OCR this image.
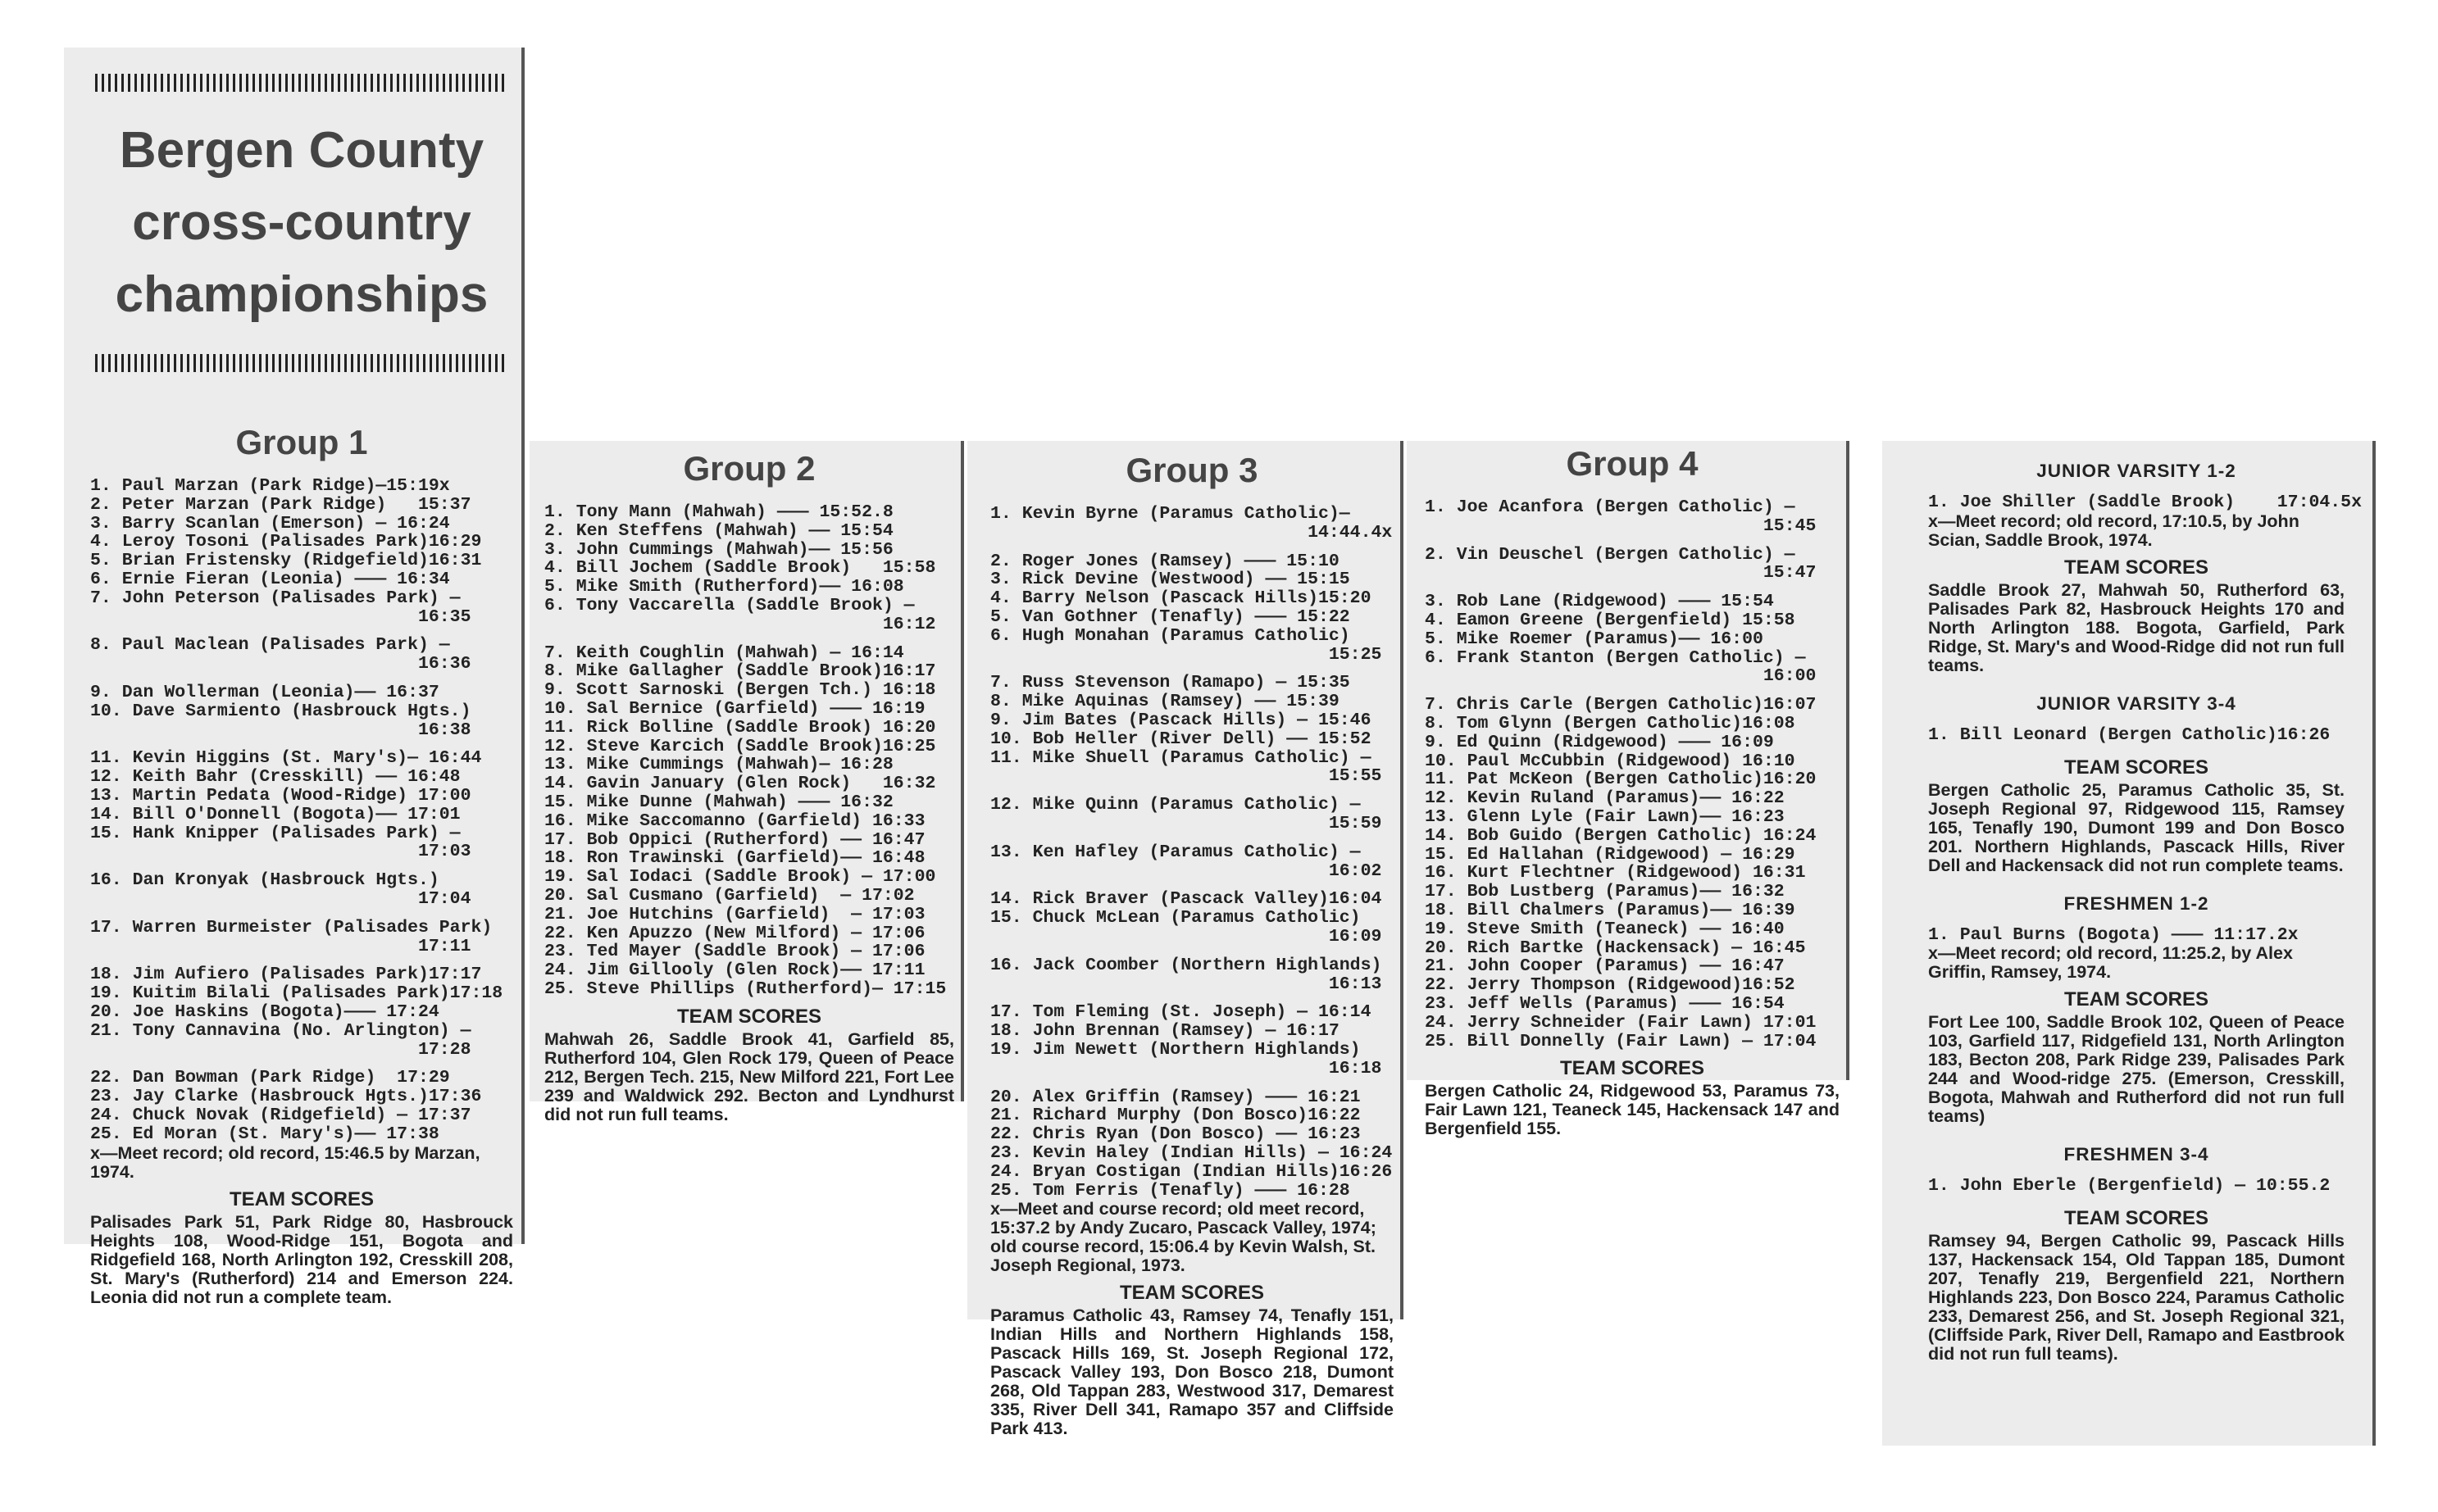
Bergen County
cross-country
championships
Group 1
1. Paul Marzan (Park Ridge)—15:19x
2. Peter Marzan (Park Ridge)   15:37
3. Barry Scanlan (Emerson) — 16:24
4. Leroy Tosoni (Palisades Park)16:29
5. Brian Fristensky (Ridgefield)16:31
6. Ernie Fieran (Leonia) ——— 16:34
7. John Peterson (Palisades Park) —
16:35
8. Paul Maclean (Palisades Park) —
16:36
9. Dan Wollerman (Leonia)—— 16:37
10. Dave Sarmiento (Hasbrouck Hgts.)
16:38
11. Kevin Higgins (St. Mary's)— 16:44
12. Keith Bahr (Cresskill) —— 16:48
13. Martin Pedata (Wood-Ridge) 17:00
14. Bill O'Donnell (Bogota)—— 17:01
15. Hank Knipper (Palisades Park) —
17:03
16. Dan Kronyak (Hasbrouck Hgts.)
17:04
17. Warren Burmeister (Palisades Park)
17:11
18. Jim Aufiero (Palisades Park)17:17
19. Kuitim Bilali (Palisades Park)17:18
20. Joe Haskins (Bogota)——— 17:24
21. Tony Cannavina (No. Arlington) —
17:28
22. Dan Bowman (Park Ridge)  17:29
23. Jay Clarke (Hasbrouck Hgts.)17:36
24. Chuck Novak (Ridgefield) — 17:37
25. Ed Moran (St. Mary's)—— 17:38

x—Meet record; old record, 15:46.5 by Marzan, 1974.

TEAM SCORES

Palisades Park 51, Park Ridge 80, Hasbrouck Heights 108, Wood-Ridge 151, Bogota and Ridgefield 168, North Arlington 192, Cresskill 208, St. Mary's (Rutherford) 214 and Emerson 224. Leonia did not run a complete team.

Group 2
1. Tony Mann (Mahwah) ——— 15:52.8
2. Ken Steffens (Mahwah) —— 15:54
3. John Cummings (Mahwah)—— 15:56
4. Bill Jochem (Saddle Brook)   15:58
5. Mike Smith (Rutherford)—— 16:08
6. Tony Vaccarella (Saddle Brook) —
16:12
7. Keith Coughlin (Mahwah) — 16:14
8. Mike Gallagher (Saddle Brook)16:17
9. Scott Sarnoski (Bergen Tch.) 16:18
10. Sal Bernice (Garfield) ——— 16:19
11. Rick Bolline (Saddle Brook) 16:20
12. Steve Karcich (Saddle Brook)16:25
13. Mike Cummings (Mahwah)— 16:28
14. Gavin January (Glen Rock)   16:32
15. Mike Dunne (Mahwah) ——— 16:32
16. Mike Saccomanno (Garfield) 16:33
17. Bob Oppici (Rutherford) —— 16:47
18. Ron Trawinski (Garfield)—— 16:48
19. Sal Iodaci (Saddle Brook) — 17:00
20. Sal Cusmano (Garfield)  — 17:02
21. Joe Hutchins (Garfield)  — 17:03
22. Ken Apuzzo (New Milford) — 17:06
23. Ted Mayer (Saddle Brook) — 17:06
24. Jim Gillooly (Glen Rock)—— 17:11
25. Steve Phillips (Rutherford)— 17:15
TEAM SCORES

Mahwah 26, Saddle Brook 41, Garfield 85, Rutherford 104, Glen Rock 179, Queen of Peace 212, Bergen Tech. 215, New Milford 221, Fort Lee 239 and Waldwick 292. Becton and Lyndhurst did not run full teams.

Group 3
1. Kevin Byrne (Paramus Catholic)—
14:44.4x
2. Roger Jones (Ramsey) ——— 15:10
3. Rick Devine (Westwood) —— 15:15
4. Barry Nelson (Pascack Hills)15:20
5. Van Gothner (Tenafly) ——— 15:22
6. Hugh Monahan (Paramus Catholic)
15:25
7. Russ Stevenson (Ramapo) — 15:35
8. Mike Aquinas (Ramsey) —— 15:39
9. Jim Bates (Pascack Hills) — 15:46
10. Bob Heller (River Dell) —— 15:52
11. Mike Shuell (Paramus Catholic) —
15:55
12. Mike Quinn (Paramus Catholic) —
15:59
13. Ken Hafley (Paramus Catholic) —
16:02
14. Rick Braver (Pascack Valley)16:04
15. Chuck McLean (Paramus Catholic)
16:09
16. Jack Coomber (Northern Highlands)
16:13
17. Tom Fleming (St. Joseph) — 16:14
18. John Brennan (Ramsey) — 16:17
19. Jim Newett (Northern Highlands)
16:18
20. Alex Griffin (Ramsey) ——— 16:21
21. Richard Murphy (Don Bosco)16:22
22. Chris Ryan (Don Bosco) —— 16:23
23. Kevin Haley (Indian Hills) — 16:24
24. Bryan Costigan (Indian Hills)16:26
25. Tom Ferris (Tenafly) ——— 16:28

x—Meet and course record; old meet record, 15:37.2 by Andy Zucaro, Pascack Valley, 1974; old course record, 15:06.4 by Kevin Walsh, St. Joseph Regional, 1973.

TEAM SCORES

Paramus Catholic 43, Ramsey 74, Tenafly 151, Indian Hills and Northern Highlands 158, Pascack Hills 169, St. Joseph Regional 172, Pascack Valley 193, Don Bosco 218, Dumont 268, Old Tappan 283, Westwood 317, Demarest 335, River Dell 341, Ramapo 357 and Cliffside Park 413.

Group 4
1. Joe Acanfora (Bergen Catholic) —
15:45
2. Vin Deuschel (Bergen Catholic) —
15:47
3. Rob Lane (Ridgewood) ——— 15:54
4. Eamon Greene (Bergenfield) 15:58
5. Mike Roemer (Paramus)—— 16:00
6. Frank Stanton (Bergen Catholic) —
16:00
7. Chris Carle (Bergen Catholic)16:07
8. Tom Glynn (Bergen Catholic)16:08
9. Ed Quinn (Ridgewood) ——— 16:09
10. Paul McCubbin (Ridgewood) 16:10
11. Pat McKeon (Bergen Catholic)16:20
12. Kevin Ruland (Paramus)—— 16:22
13. Glenn Lyle (Fair Lawn)—— 16:23
14. Bob Guido (Bergen Catholic) 16:24
15. Ed Hallahan (Ridgewood) — 16:29
16. Kurt Flechtner (Ridgewood) 16:31
17. Bob Lustberg (Paramus)—— 16:32
18. Bill Chalmers (Paramus)—— 16:39
19. Steve Smith (Teaneck) —— 16:40
20. Rich Bartke (Hackensack) — 16:45
21. John Cooper (Paramus) —— 16:47
22. Jerry Thompson (Ridgewood)16:52
23. Jeff Wells (Paramus) ——— 16:54
24. Jerry Schneider (Fair Lawn) 17:01
25. Bill Donnelly (Fair Lawn) — 17:04
TEAM SCORES

Bergen Catholic 24, Ridgewood 53, Paramus 73, Fair Lawn 121, Teaneck 145, Hackensack 147 and Bergenfield 155.

JUNIOR VARSITY 1-2
1. Joe Shiller (Saddle Brook)    17:04.5x

x—Meet record; old record, 17:10.5, by John Scian, Saddle Brook, 1974.

TEAM SCORES

Saddle Brook 27, Mahwah 50, Rutherford 63, Palisades Park 82, Hasbrouck Heights 170 and North Arlington 188. Bogota, Garfield, Park Ridge, St. Mary's and Wood-Ridge did not run full teams.

JUNIOR VARSITY 3-4
1. Bill Leonard (Bergen Catholic)16:26
TEAM SCORES

Bergen Catholic 25, Paramus Catholic 35, St. Joseph Regional 97, Ridgewood 115, Ramsey 165, Tenafly 190, Dumont 199 and Don Bosco 201. Northern Highlands, Pascack Hills, River Dell and Hackensack did not run complete teams.

FRESHMEN 1-2
1. Paul Burns (Bogota) ——— 11:17.2x

x—Meet record; old record, 11:25.2, by Alex Griffin, Ramsey, 1974.

TEAM SCORES

Fort Lee 100, Saddle Brook 102, Queen of Peace 103, Garfield 117, Ridgefield 131, North Arlington 183, Becton 208, Park Ridge 239, Palisades Park 244 and Wood-ridge 275. (Emerson, Cresskill, Bogota, Mahwah and Rutherford did not run full teams)

FRESHMEN 3-4
1. John Eberle (Bergenfield) — 10:55.2
TEAM SCORES

Ramsey 94, Bergen Catholic 99, Pascack Hills 137, Hackensack 154, Old Tappan 185, Dumont 207, Tenafly 219, Bergenfield 221, Northern Highlands 223, Don Bosco 224, Paramus Catholic 233, Demarest 256, and St. Joseph Regional 321, (Cliffside Park, River Dell, Ramapo and Eastbrook did not run full teams).
